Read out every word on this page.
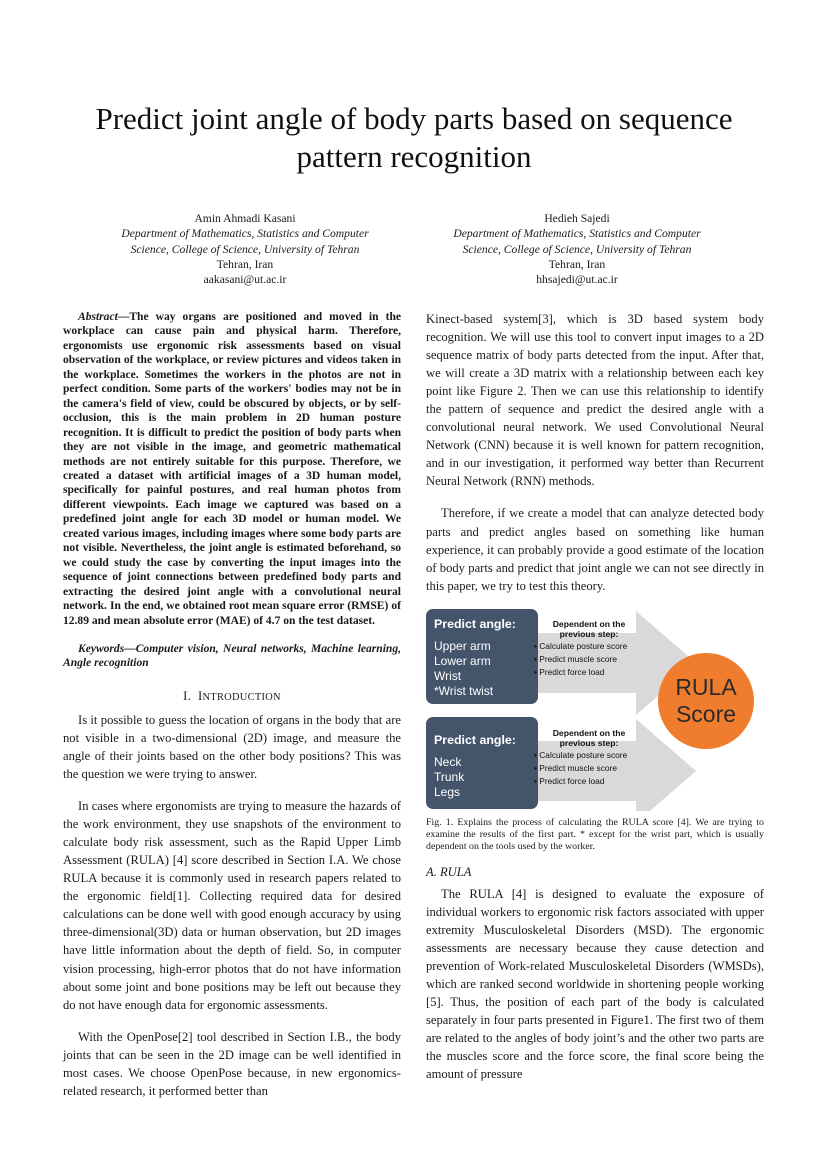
Predict joint angle of body parts based on sequence pattern recognition
Amin Ahmadi Kasani
Department of Mathematics, Statistics and Computer
Science, College of Science, University of Tehran
Tehran, Iran
aakasani@ut.ac.ir
Hedieh Sajedi
Department of Mathematics, Statistics and Computer
Science, College of Science, University of Tehran
Tehran, Iran
hhsajedi@ut.ac.ir

Abstract—The way organs are positioned and moved in the workplace can cause pain and physical harm. Therefore, ergonomists use ergonomic risk assessments based on visual observation of the workplace, or review pictures and videos taken in the workplace. Sometimes the workers in the photos are not in perfect condition. Some parts of the workers' bodies may not be in the camera's field of view, could be obscured by objects, or by self-occlusion, this is the main problem in 2D human posture recognition. It is difficult to predict the position of body parts when they are not visible in the image, and geometric mathematical methods are not entirely suitable for this purpose. Therefore, we created a dataset with artificial images of a 3D human model, specifically for painful postures, and real human photos from different viewpoints. Each image we captured was based on a predefined joint angle for each 3D model or human model. We created various images, including images where some body parts are not visible. Nevertheless, the joint angle is estimated beforehand, so we could study the case by converting the input images into the sequence of joint connections between predefined body parts and extracting the desired joint angle with a convolutional neural network. In the end, we obtained root mean square error (RMSE) of 12.89 and mean absolute error (MAE) of 4.7 on the test dataset.

Keywords—Computer vision, Neural networks, Machine learning, Angle recognition

I. INTRODUCTION

Is it possible to guess the location of organs in the body that are not visible in a two-dimensional (2D) image, and measure the angle of their joints based on the other body positions? This was the question we were trying to answer.

In cases where ergonomists are trying to measure the hazards of the work environment, they use snapshots of the environment to calculate body risk assessment, such as the Rapid Upper Limb Assessment (RULA) [4] score described in Section I.A. We chose RULA because it is commonly used in research papers related to the ergonomic field[1]. Collecting required data for desired calculations can be done well with good enough accuracy by using three-dimensional(3D) data or human observation, but 2D images have little information about the depth of field. So, in computer vision processing, high-error photos that do not have information about some joint and bone positions may be left out because they do not have enough data for ergonomic assessments.

With the OpenPose[2] tool described in Section I.B., the body joints that can be seen in the 2D image can be well identified in most cases. We choose OpenPose because, in new ergonomics-related research, it performed better than

Kinect-based system[3], which is 3D based system body recognition. We will use this tool to convert input images to a 2D sequence matrix of body parts detected from the input. After that, we will create a 3D matrix with a relationship between each key point like Figure 2. Then we can use this relationship to identify the pattern of sequence and predict the desired angle with a convolutional neural network. We used Convolutional Neural Network (CNN) because it is well known for pattern recognition, and in our investigation, it performed way better than Recurrent Neural Network (RNN) methods.

Therefore, if we create a model that can analyze detected body parts and predict angles based on something like human experience, it can probably provide a good estimate of the location of body parts and predict that joint angle we can not see directly in this paper, we try to test this theory.

Predict angle:
Upper arm
Lower arm
Wrist
*Wrist twist
Dependent on the
previous step:
• Calculate posture score
• Predict muscle score
• Predict force load
Predict angle:
Neck
Trunk
Legs
Dependent on the
previous step:
• Calculate posture score
• Predict muscle score
• Predict force load
RULA
Score

Fig. 1. Explains the process of calculating the RULA score [4]. We are trying to examine the results of the first part. * except for the wrist part, which is usually dependent on the tools used by the worker.

A. RULA

The RULA [4] is designed to evaluate the exposure of individual workers to ergonomic risk factors associated with upper extremity Musculoskeletal Disorders (MSD). The ergonomic assessments are necessary because they cause detection and prevention of Work-related Musculoskeletal Disorders (WMSDs), which are ranked second worldwide in shortening people working [5]. Thus, the position of each part of the body is calculated separately in four parts presented in Figure1. The first two of them are related to the angles of body joint’s and the other two parts are the muscles score and the force score, the final score being the amount of pressure
